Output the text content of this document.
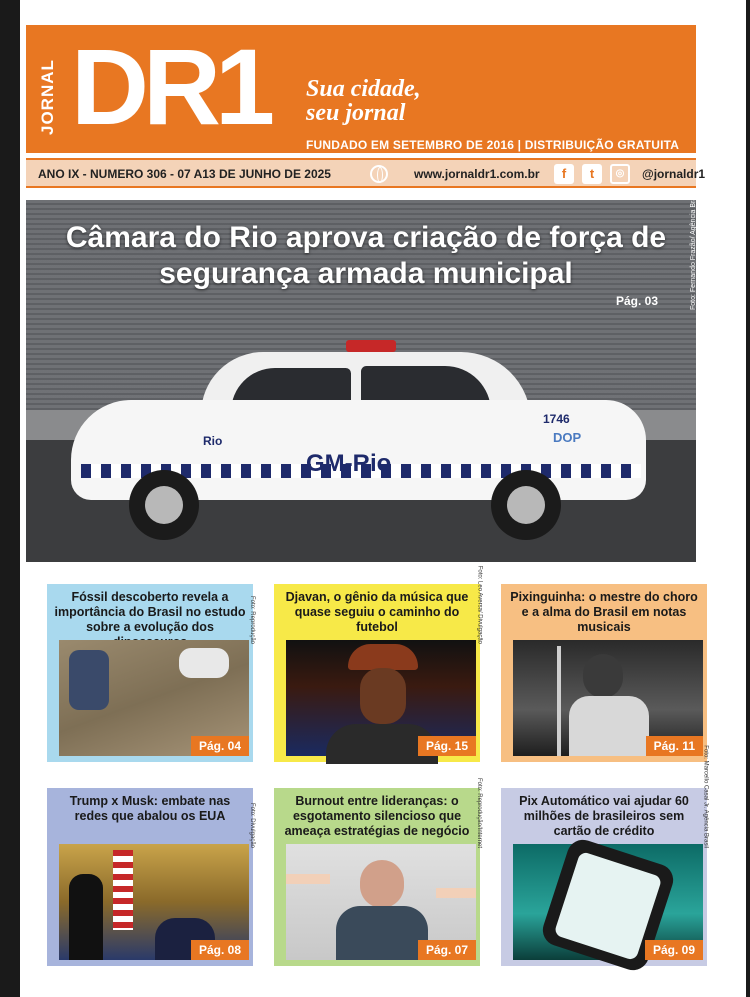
JORNAL DR1 Sua cidade,
seu jornal
FUNDADO EM SETEMBRO DE 2016 | DISTRIBUIÇÃO GRATUITA
ANO IX - NUMERO 306 - 07 A13 DE JUNHO DE 2025	www.jornaldr1.com.br	f	t	◎	@jornaldr1
Rio
GM-Rio
1746
DOP
Câmara do Rio aprova criação de força de segurança armada municipal
Pág. 03	Foto: Fernando Frazão/ Agência Brasil
Fóssil descoberto revela a importância do Brasil no estudo sobre a evolução dos	Foto: Reprodução
Pág. 04
Djavan, o gênio da música que quase seguiu o caminho do futebol	Foto: Leo Aversa/ Divulgação
Pág. 15
Pixinguinha: o mestre do choro e a alma do Brasil em notas musicais
Pág. 11
Trump x Musk: embate nas redes que abalou os EUA	Foto: Divulgação
Pág. 08
Burnout entre lideranças: o esgotamento silencioso que ameaça estratégias de negócio	Foto: Reprodução/Internet
Pág. 07
Pix Automático vai ajudar 60 milhões de brasileiros sem cartão de crédito	Foto: Marcello Casal Jr. Agência Brasil
Pág. 09
